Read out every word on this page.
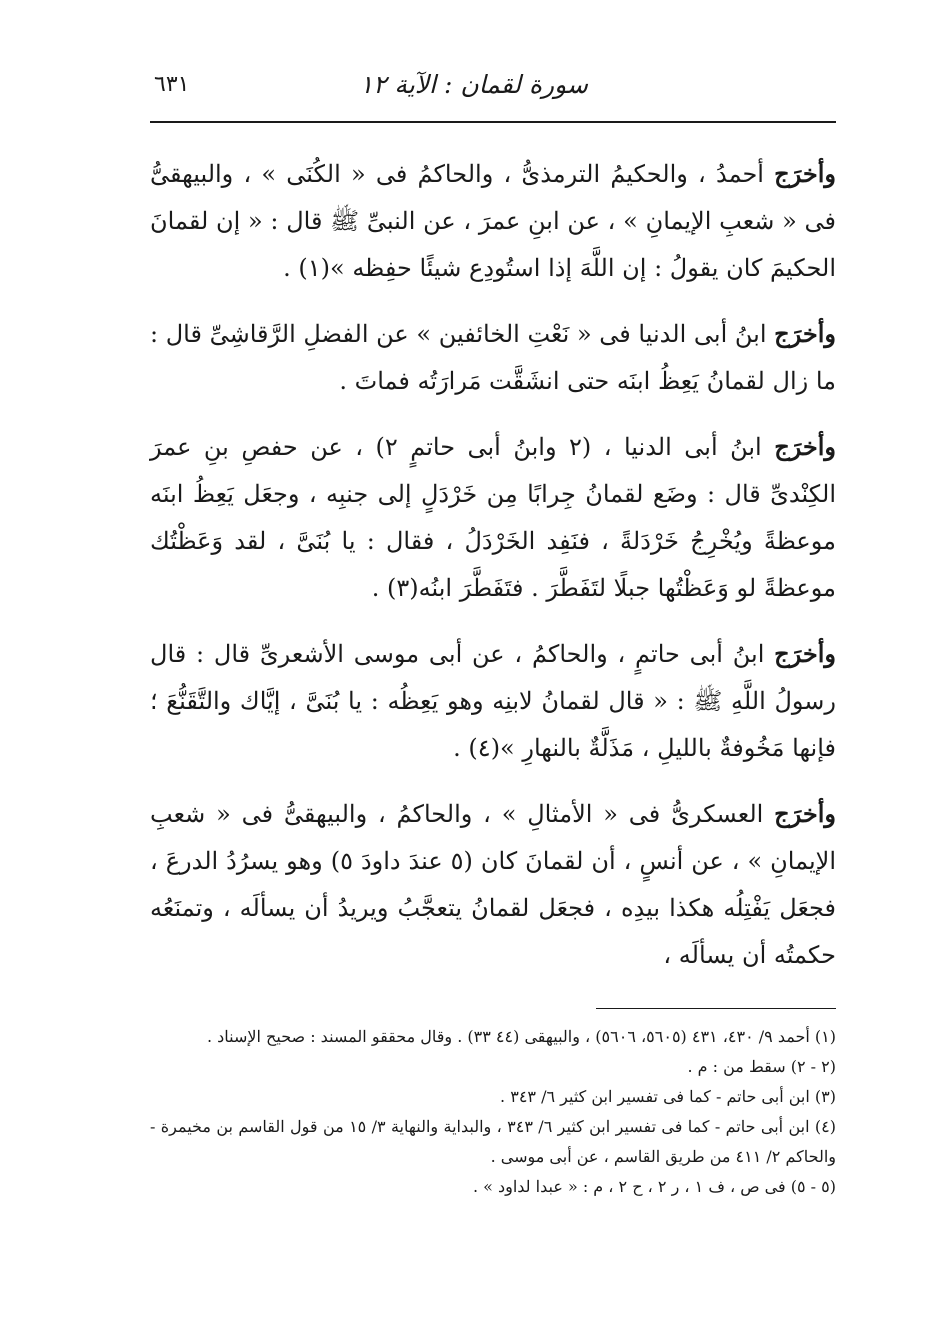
سورة لقمان : الآية ١٢
٦٣١

وأخرَج أحمدُ ، والحكيمُ الترمذىُّ ، والحاكمُ فى « الكُنَى » ، والبيهقىُّ فى « شعبِ الإيمانِ » ، عن ابنِ عمرَ ، عن النبىِّ ﷺ قال : « إن لقمانَ الحكيمَ كان يقولُ : إن اللَّهَ إذا استُودِع شيئًا حفِظه »(١) .

وأخرَج ابنُ أبى الدنيا فى « نَعْتِ الخائفين » عن الفضلِ الرَّقاشِىِّ قال : ما زال لقمانُ يَعِظُ ابنَه حتى انشَقَّت مَرارَتُه فماتَ .

وأخرَج ابنُ أبى الدنيا ، (٢ وابنُ أبى حاتمٍ ٢) ، عن حفصِ بنِ عمرَ الكِنْدىِّ قال : وضَع لقمانُ جِرابًا مِن خَرْدَلٍ إلى جنبِه ، وجعَل يَعِظُ ابنَه موعظةً ويُخْرِجُ خَرْدَلةً ، فنَفِد الخَرْدَلُ ، فقال : يا بُنَىَّ ، لقد وَعَظْتُك موعظةً لو وَعَظْتُها جبلًا لتَفَطَّرَ . فتَفَطَّرَ ابنُه(٣) .

وأخرَج ابنُ أبى حاتمٍ ، والحاكمُ ، عن أبى موسى الأشعرىِّ قال : قال رسولُ اللَّهِ ﷺ : « قال لقمانُ لابنِه وهو يَعِظُه : يا بُنَىَّ ، إيَّاك والتَّقَنُّعَ ؛ فإنها مَخُوفةٌ بالليلِ ، مَذَلَّةٌ بالنهارِ »(٤) .

وأخرَج العسكرىُّ فى « الأمثالِ » ، والحاكمُ ، والبيهقىُّ فى « شعبِ الإيمانِ » ، عن أنسٍ ، أن لقمانَ كان (٥ عندَ داودَ ٥) وهو يسرُدُ الدرعَ ، فجعَل يَفْتِلُه هكذا بيدِه ، فجعَل لقمانُ يتعجَّبُ ويريدُ أن يسألَه ، وتمنَعُه حكمتُه أن يسألَه ،

(١) أحمد ٩/ ٤٣٠، ٤٣١ (٥٦٠٥، ٥٦٠٦) ، والبيهقى (٤٤ ٣٣) . وقال محققو المسند : صحيح الإسناد .

(٢ - ٢) سقط من : م .

(٣) ابن أبى حاتم - كما فى تفسير ابن كثير ٦/ ٣٤٣ .

(٤) ابن أبى حاتم - كما فى تفسير ابن كثير ٦/ ٣٤٣ ، والبداية والنهاية ٣/ ١٥ من قول القاسم بن مخيمرة - والحاكم ٢/ ٤١١ من طريق القاسم ، عن أبى موسى .

(٥ - ٥) فى ص ، ف ١ ، ر ٢ ، ح ٢ ، م : « عبدا لداود » .
